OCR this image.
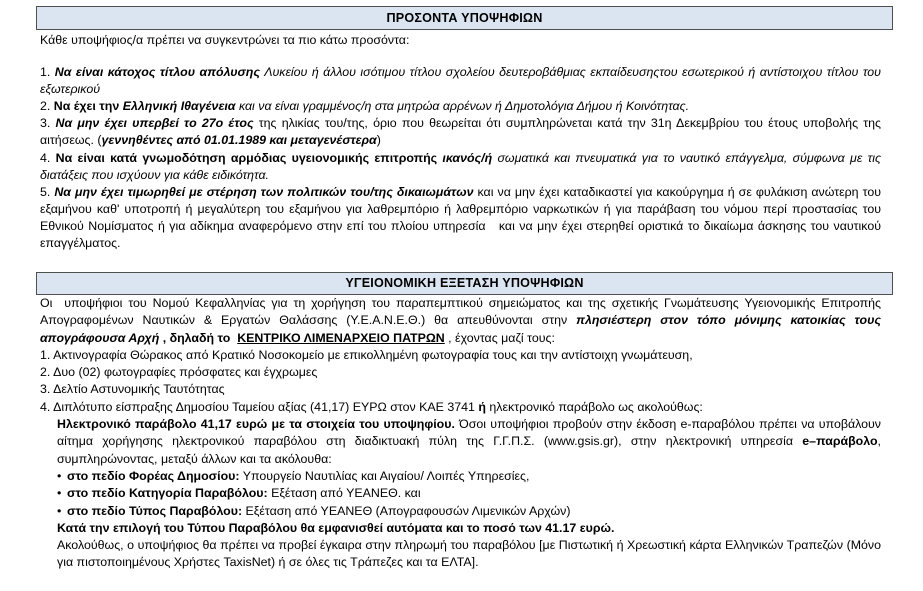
ΠΡΟΣΟΝΤΑ ΥΠΟΨΗΦΙΩΝ

Κάθε υποψήφιος/α πρέπει να συγκεντρώνει τα πιο κάτω προσόντα:

1. Να είναι κάτοχος τίτλου απόλυσης Λυκείου ή άλλου ισότιμου τίτλου σχολείου δευτεροβάθμιας εκπαίδευσηςτου εσωτερικού ή αντίστοιχου τίτλου του εξωτερικού

2. Να έχει την Ελληνική Ιθαγένεια και να είναι γραμμένος/η στα μητρώα αρρένων ή Δημοτολόγια Δήμου ή Κοινότητας.

3. Να μην έχει υπερβεί το 27ο έτος της ηλικίας του/της, όριο που θεωρείται ότι συμπληρώνεται κατά την 31η Δεκεμβρίου του έτους υποβολής της αιτήσεως. (γεννηθέντες από 01.01.1989 και μεταγενέστερα)

4. Να είναι κατά γνωμοδότηση αρμόδιας υγειονομικής επιτροπής ικανός/ή σωματικά και πνευματικά για το ναυτικό επάγγελμα, σύμφωνα με τις διατάξεις που ισχύουν για κάθε ειδικότητα.

5. Να μην έχει τιμωρηθεί με στέρηση των πολιτικών του/της δικαιωμάτων και να μην έχει καταδικαστεί για κακούργημα ή σε φυλάκιση ανώτερη του εξαμήνου καθ' υποτροπή ή μεγαλύτερη του εξαμήνου για λαθρεμπόριο ή λαθρεμπόριο ναρκωτικών ή για παράβαση του νόμου περί προστασίας του Εθνικού Νομίσματος ή για αδίκημα αναφερόμενο στην επί του πλοίου υπηρεσία   και να μην έχει στερηθεί οριστικά το δικαίωμα άσκησης του ναυτικού επαγγέλματος.

ΥΓΕΙΟΝΟΜΙΚΗ ΕΞΕΤΑΣΗ ΥΠΟΨΗΦΙΩΝ

Οι  υποψήφιοι του Νομού Κεφαλληνίας για τη χορήγηση του παραπεμπτικού σημειώματος και της σχετικής Γνωμάτευσης Υγειονομικής Επιτροπής Απογραφομένων Ναυτικών & Εργατών Θαλάσσης (Υ.Ε.Α.Ν.Ε.Θ.) θα απευθύνονται στην πλησιέστερη στον τόπο μόνιμης κατοικίας τους απογράφουσα Αρχή , δηλαδή το  ΚΕΝΤΡΙΚΟ ΛΙΜΕΝΑΡΧΕΙΟ ΠΑΤΡΩΝ , έχοντας μαζί τους:

1. Ακτινογραφία Θώρακος από Κρατικό Νοσοκομείο με επικολλημένη φωτογραφία τους και την αντίστοιχη γνωμάτευση,

2. Δυο (02) φωτογραφίες πρόσφατες και έγχρωμες

3. Δελτίο Αστυνομικής Ταυτότητας

4. Διπλότυπο είσπραξης Δημοσίου Ταμείου αξίας (41,17) ΕΥΡΩ στον ΚΑΕ 3741 ή ηλεκτρονικό παράβολο ως ακολούθως:

Ηλεκτρονικό παράβολο 41,17 ευρώ με τα στοιχεία του υποψηφίου. Όσοι υποψήφιοι προβούν στην έκδοση e-παραβόλου πρέπει να υποβάλουν αίτημα χορήγησης ηλεκτρονικού παραβόλου στη διαδικτυακή πύλη της Γ.Γ.Π.Σ. (www.gsis.gr), στην ηλεκτρονική υπηρεσία e–παράβολο, συμπληρώνοντας, μεταξύ άλλων και τα ακόλουθα:

• στο πεδίο Φορέας Δημοσίου: Υπουργείο Ναυτιλίας και Αιγαίου/ Λοιπές Υπηρεσίες,

• στο πεδίο Κατηγορία Παραβόλου: Εξέταση από ΥΕΑΝΕΘ. και

• στο πεδίο Τύπος Παραβόλου: Εξέταση από ΥΕΑΝΕΘ (Απογραφουσών Λιμενικών Αρχών)

Κατά την επιλογή του Τύπου Παραβόλου θα εμφανισθεί αυτόματα και το ποσό των 41.17 ευρώ.

Ακολούθως, ο υποψήφιος θα πρέπει να προβεί έγκαιρα στην πληρωμή του παραβόλου [με Πιστωτική ή Χρεωστική κάρτα Ελληνικών Τραπεζών (Μόνο για πιστοποιημένους Χρήστες TaxisNet) ή σε όλες τις Τράπεζες και τα ΕΛΤΑ].
